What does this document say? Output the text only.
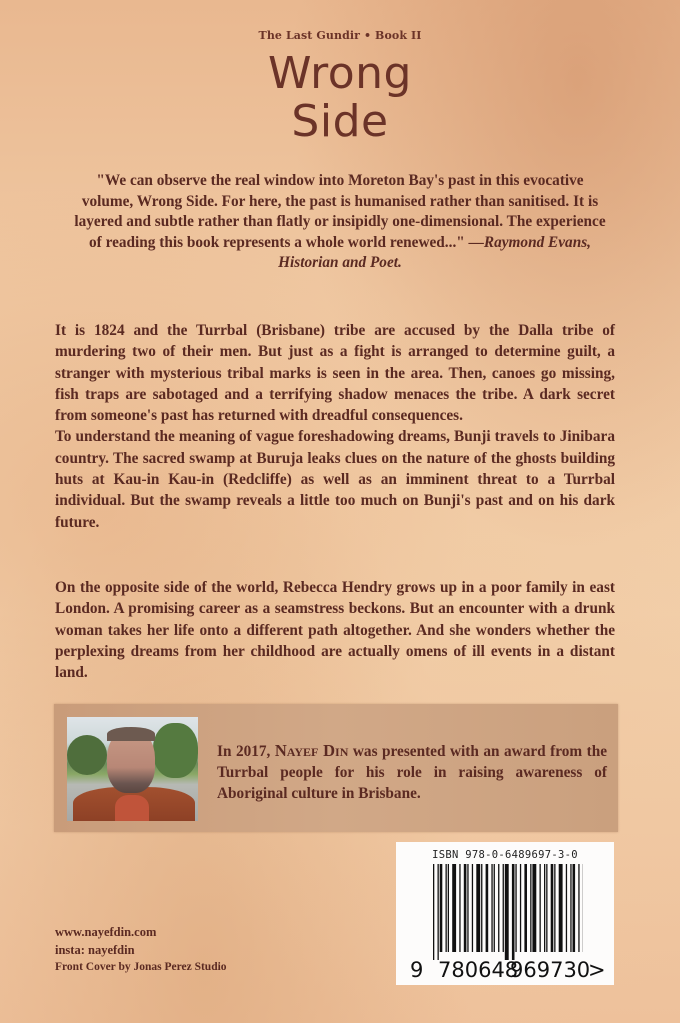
The Last Gundir • Book II
Wrong
Side
"We can observe the real window into Moreton Bay's past in this evocative volume, Wrong Side. For here, the past is humanised rather than sanitised. It is layered and subtle rather than flatly or insipidly one-dimensional. The experience of reading this book represents a whole world renewed..." —Raymond Evans, Historian and Poet.

It is 1824 and the Turrbal (Brisbane) tribe are accused by the Dalla tribe of murdering two of their men. But just as a fight is arranged to determine guilt, a stranger with mysterious tribal marks is seen in the area. Then, canoes go missing, fish traps are sabotaged and a terrifying shadow menaces the tribe. A dark secret from someone's past has returned with dreadful consequences.

To understand the meaning of vague foreshadowing dreams, Bunji travels to Jinibara country. The sacred swamp at Buruja leaks clues on the nature of the ghosts building huts at Kau-in Kau-in (Redcliffe) as well as an imminent threat to a Turrbal individual. But the swamp reveals a little too much on Bunji's past and on his dark future.

On the opposite side of the world, Rebecca Hendry grows up in a poor family in east London. A promising career as a seamstress beckons. But an encounter with a drunk woman takes her life onto a different path altogether. And she wonders whether the perplexing dreams from her childhood are actually omens of ill events in a distant land.

In 2017, Nayef Din was presented with an award from the Turrbal people for his role in raising awareness of Aboriginal culture in Brisbane.
ISBN 978-0-6489697-3-0
9 780648
969730
>
www.nayefdin.com
insta: nayefdin
Front Cover by Jonas Perez Studio
